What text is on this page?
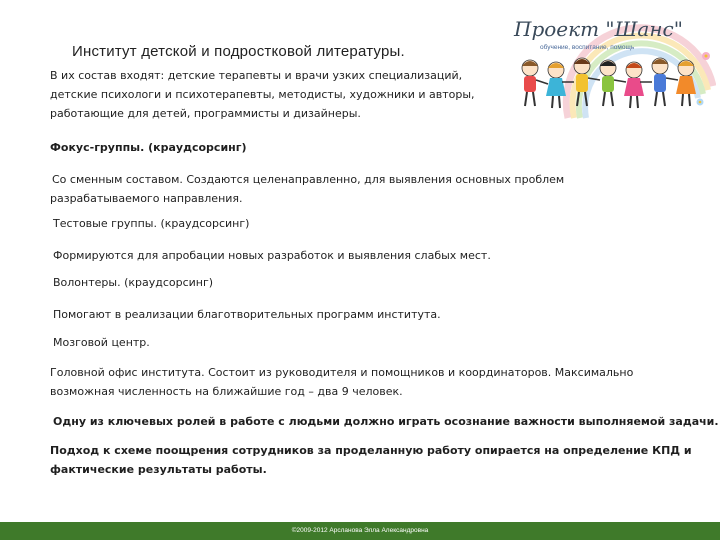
Институт детской и подростковой литературы.
Проект "Шанс"
обучение, воспитание, помощь

В их состав входят: детские терапевты и врачи узких специализаций,

детские психологи и психотерапевты, методисты, художники и авторы,

работающие для детей, программисты и дизайнеры.

Фокус-группы. (краудсорсинг)

Со сменным составом. Создаются целенаправленно, для выявления основных проблем

разрабатываемого направления.

Тестовые группы. (краудсорсинг)

Формируются для апробации новых разработок и выявления слабых мест.

Волонтеры. (краудсорсинг)

Помогают в реализации благотворительных программ института.

Мозговой центр.

Головной офис института. Состоит из руководителя и помощников и координаторов. Максимально

возможная численность на ближайшие год – два 9 человек.

Одну из ключевых ролей в работе с людьми должно играть осознание важности выполняемой задачи.

Подход к схеме поощрения сотрудников за проделанную работу опирается на определение КПД и

фактические результаты работы.

©2009-2012 Арсланова Элла Александровна
